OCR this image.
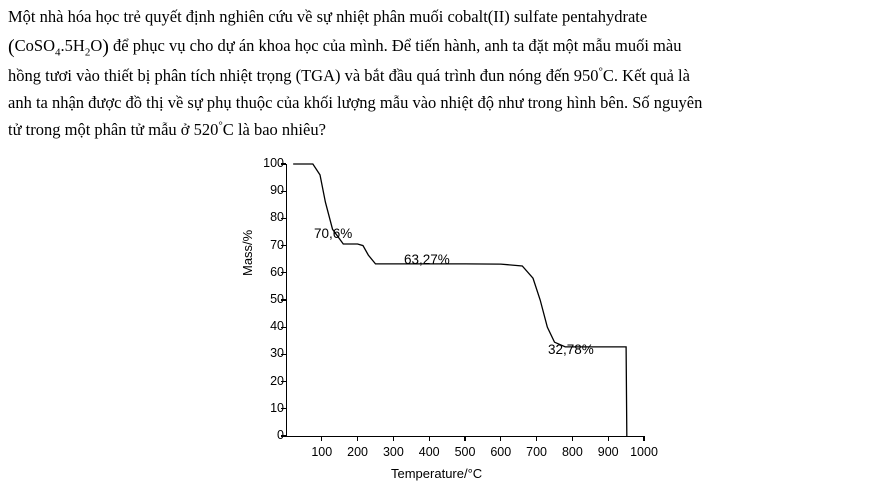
Một nhà hóa học trẻ quyết định nghiên cứu về sự nhiệt phân muối cobalt(II) sulfate pentahydrate
$(CoSO_4.5H_2O)$ để phục vụ cho dự án khoa học của mình. Để tiến hành, anh ta đặt một mẫu muối màu
hồng tươi vào thiết bị phân tích nhiệt trọng (TGA) và bắt đầu quá trình đun nóng đến 950°C. Kết quả là
anh ta nhận được đồ thị về sự phụ thuộc của khối lượng mẫu vào nhiệt độ như trong hình bên. Số nguyên
tử trong một phân tử mẫu ở 520°C là bao nhiêu?
0
10
20
30
40
50
60
70
80
90
100
100	200	300	400	500	600	700	800	900 1000
70,6%
63,27%
32,78%
Mass/%
Temperature/°C
